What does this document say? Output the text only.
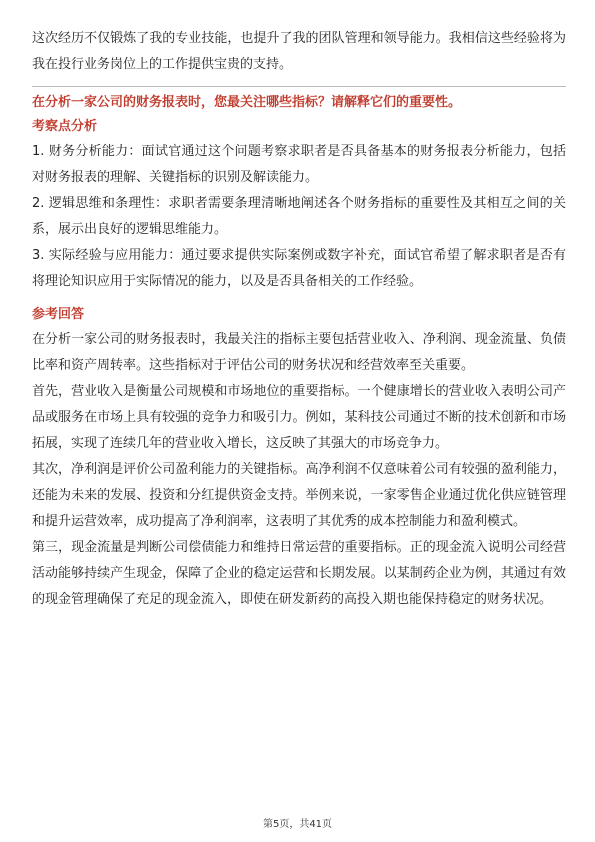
这次经历不仅锻炼了我的专业技能，也提升了我的团队管理和领导能力。我相信这些经验将为我在投行业务岗位上的工作提供宝贵的支持。

在分析一家公司的财务报表时，您最关注哪些指标？请解释它们的重要性。

考察点分析

1. 财务分析能力：面试官通过这个问题考察求职者是否具备基本的财务报表分析能力，包括对财务报表的理解、关键指标的识别及解读能力。

2. 逻辑思维和条理性：求职者需要条理清晰地阐述各个财务指标的重要性及其相互之间的关系，展示出良好的逻辑思维能力。

3. 实际经验与应用能力：通过要求提供实际案例或数字补充，面试官希望了解求职者是否有将理论知识应用于实际情况的能力，以及是否具备相关的工作经验。

参考回答

在分析一家公司的财务报表时，我最关注的指标主要包括营业收入、净利润、现金流量、负债比率和资产周转率。这些指标对于评估公司的财务状况和经营效率至关重要。

首先，营业收入是衡量公司规模和市场地位的重要指标。一个健康增长的营业收入表明公司产品或服务在市场上具有较强的竞争力和吸引力。例如，某科技公司通过不断的技术创新和市场拓展，实现了连续几年的营业收入增长，这反映了其强大的市场竞争力。

其次，净利润是评价公司盈利能力的关键指标。高净利润不仅意味着公司有较强的盈利能力，还能为未来的发展、投资和分红提供资金支持。举例来说，一家零售企业通过优化供应链管理和提升运营效率，成功提高了净利润率，这表明了其优秀的成本控制能力和盈利模式。

第三，现金流量是判断公司偿债能力和维持日常运营的重要指标。正的现金流入说明公司经营活动能够持续产生现金，保障了企业的稳定运营和长期发展。以某制药企业为例，其通过有效的现金管理确保了充足的现金流入，即使在研发新药的高投入期也能保持稳定的财务状况。

第5页，共41页
